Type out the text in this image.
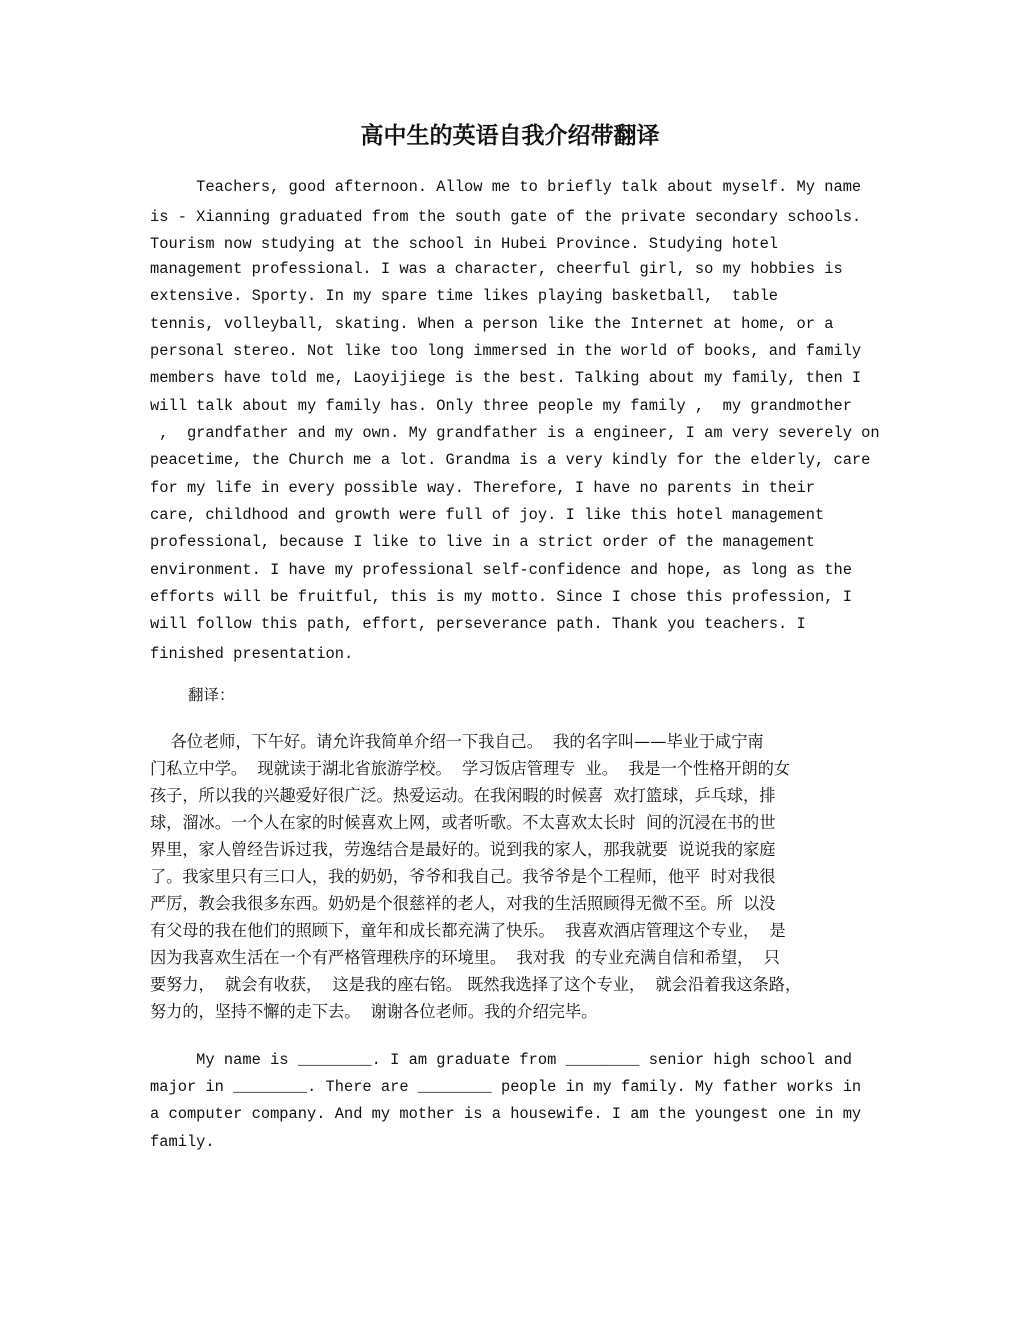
高中生的英语自我介绍带翻译
Teachers, good afternoon. Allow me to briefly talk about myself. My name
is - Xianning graduated from the south gate of the private secondary schools.
Tourism now studying at the school in Hubei Province. Studying hotel
management professional. I was a character, cheerful girl, so my hobbies is
extensive. Sporty. In my spare time likes playing basketball,  table
tennis, volleyball, skating. When a person like the Internet at home, or a
personal stereo. Not like too long immersed in the world of books, and family
members have told me, Laoyijiege is the best. Talking about my family, then I
will talk about my family has. Only three people my family ,  my grandmother
,  grandfather and my own. My grandfather is a engineer, I am very severely on
peacetime, the Church me a lot. Grandma is a very kindly for the elderly, care
for my life in every possible way. Therefore, I have no parents in their
care, childhood and growth were full of joy. I like this hotel management
professional, because I like to live in a strict order of the management
environment. I have my professional self-confidence and hope, as long as the
efforts will be fruitful, this is my motto. Since I chose this profession, I
will follow this path, effort, perseverance path. Thank you teachers. I
finished presentation.
翻译：
各位老师，下午好。请允许我简单介绍一下我自己。  我的名字叫——毕业于咸宁南
门私立中学。  现就读于湖北省旅游学校。  学习饭店管理专  业。  我是一个性格开朗的女
孩子，所以我的兴趣爱好很广泛。热爱运动。在我闲暇的时候喜  欢打篮球，乒乓球，排
球，溜冰。一个人在家的时候喜欢上网，或者听歌。不太喜欢太长时  间的沉浸在书的世
界里，家人曾经告诉过我，劳逸结合是最好的。说到我的家人，那我就要  说说我的家庭
了。我家里只有三口人，我的奶奶，爷爷和我自己。我爷爷是个工程师，他平  时对我很
严厉，教会我很多东西。奶奶是个很慈祥的老人，对我的生活照顾得无微不至。所  以没
有父母的我在他们的照顾下，童年和成长都充满了快乐。  我喜欢酒店管理这个专业，  是
因为我喜欢生活在一个有严格管理秩序的环境里。  我对我  的专业充满自信和希望，  只
要努力，  就会有收获，  这是我的座右铭。 既然我选择了这个专业，  就会沿着我这条路，
努力的，坚持不懈的走下去。  谢谢各位老师。我的介绍完毕。
My name is ________. I am graduate from ________ senior high school and
major in ________. There are ________ people in my family. My father works in
a computer company. And my mother is a housewife. I am the youngest one in my
family.
